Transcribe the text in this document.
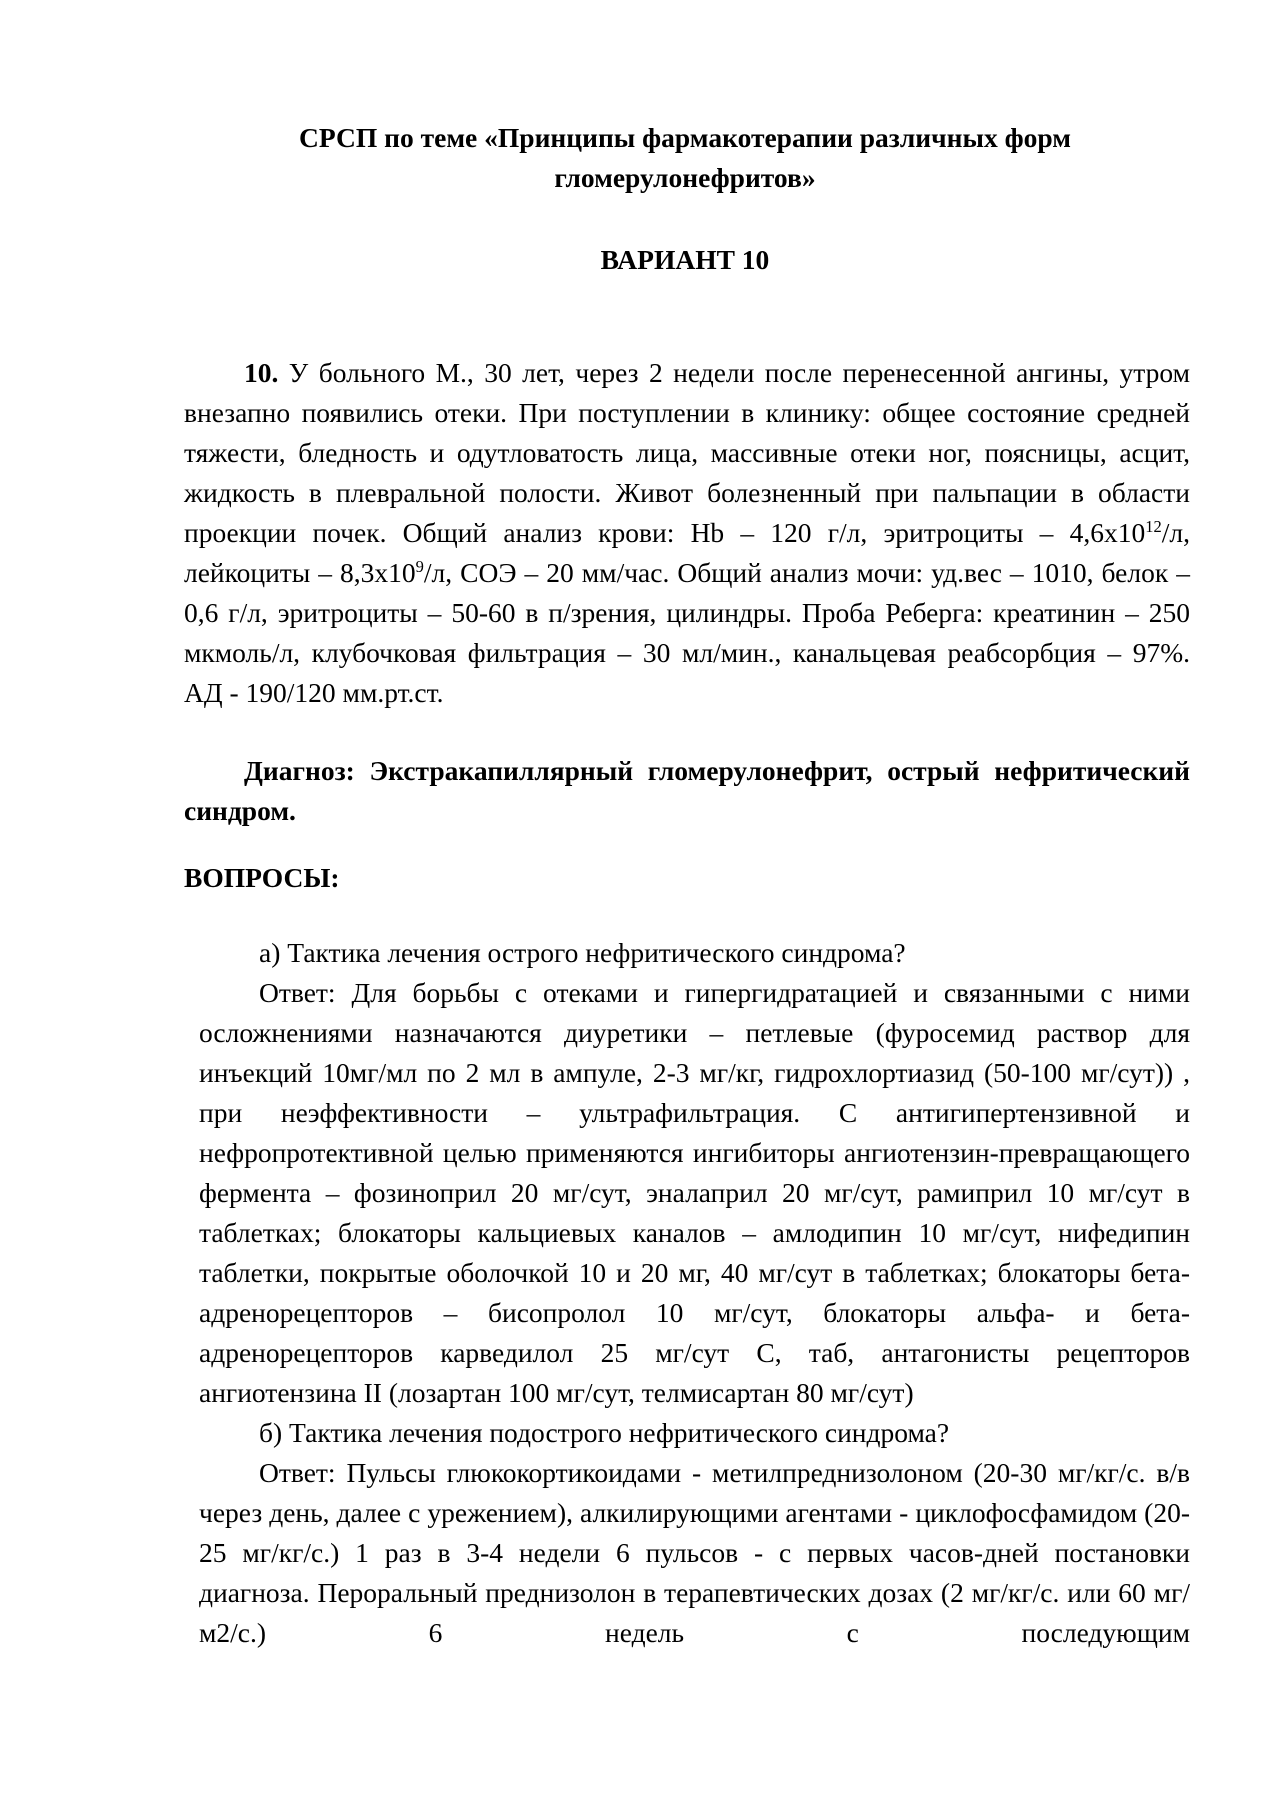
СРСП по теме «Принципы фармакотерапии различных форм
гломерулонефритов»

ВАРИАНТ 10

10. У больного М., 30 лет, через 2 недели после перенесенной ангины, утром внезапно появились отеки. При поступлении в клинику: общее состояние средней тяжести, бледность и одутловатость лица, массивные отеки ног, поясницы, асцит, жидкость в плевральной полости. Живот болезненный при пальпации в области проекции почек. Общий анализ крови: Hb – 120 г/л, эритроциты – $4,6х10^{12}/л$, лейкоциты – $8,3х10^9/л$, СОЭ – 20 мм/час. Общий анализ мочи: уд.вес – 1010, белок – 0,6 г/л, эритроциты – 50-60 в п/зрения, цилиндры. Проба Реберга: креатинин – 250 мкмоль/л, клубочковая фильтрация – 30 мл/мин., канальцевая реабсорбция – 97%. АД - 190/120 мм.рт.ст.

Диагноз: Экстракапиллярный гломерулонефрит, острый нефритический синдром.

ВОПРОСЫ:

а) Тактика лечения острого нефритического синдрома?

Ответ: Для борьбы с отеками и гипергидратацией и связанными с ними осложнениями назначаются диуретики – петлевые (фуросемид раствор для инъекций 10мг/мл по 2 мл в ампуле, 2-3 мг/кг, гидрохлортиазид (50-100 мг/сут)) , при неэффективности – ультрафильтрация. С антигипертензивной и нефропротективной целью применяются ингибиторы ангиотензин-превращающего фермента – фозиноприл 20 мг/сут, эналаприл 20 мг/сут, рамиприл 10 мг/сут в таблетках; блокаторы кальциевых каналов – амлодипин 10 мг/сут, нифедипин таблетки, покрытые оболочкой 10 и 20 мг, 40 мг/сут в таблетках; блокаторы бета-адренорецепторов – бисопролол 10 мг/сут, блокаторы альфа- и бета-адренорецепторов карведилол 25 мг/сут С, таб, антагонисты рецепторов ангиотензина II (лозартан 100 мг/сут, телмисартан 80 мг/сут)

б) Тактика лечения подострого нефритического синдрома?

Ответ: Пульсы глюкокортикоидами - метилпреднизолоном (20-30 мг/кг/с. в/в через день, далее с урежением), алкилирующими агентами - циклофосфамидом (20-25 мг/кг/с.) 1 раз в 3-4 недели 6 пульсов - с первых часов-дней постановки диагноза. Пероральный преднизолон в терапевтических дозах (2 мг/кг/с. или 60 мг/м2/с.) 6 недель с последующим
